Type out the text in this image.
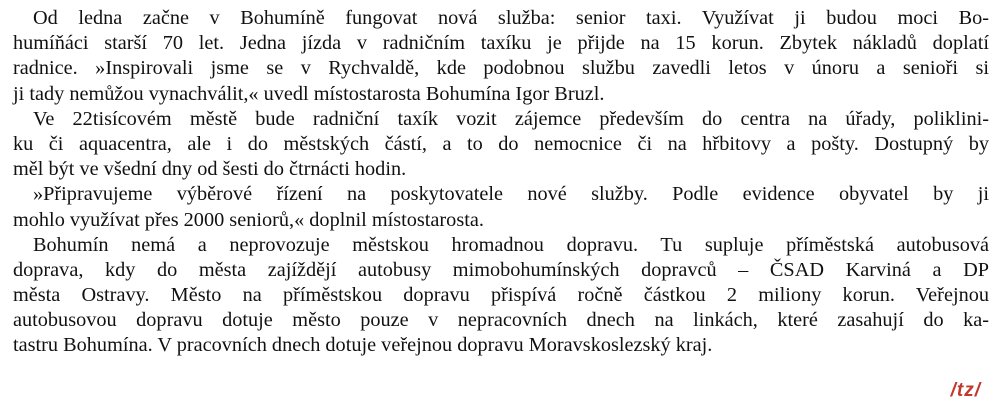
Od ledna začne v Bohumíně fungovat nová služba: senior taxi. Využívat ji budou moci Bo-
humíňáci starší 70 let. Jedna jízda v radničním taxíku je přijde na 15 korun. Zbytek nákladů doplatí
radnice. »Inspirovali jsme se v Rychvaldě, kde podobnou službu zavedli letos v únoru a senioři si
ji tady nemůžou vynachválit,« uvedl místostarosta Bohumína Igor Bruzl.
Ve 22tisícovém městě bude radniční taxík vozit zájemce především do centra na úřady, poliklini-
ku či aquacentra, ale i do městských částí, a to do nemocnice či na hřbitovy a pošty. Dostupný by
měl být ve všední dny od šesti do čtrnácti hodin.
»Připravujeme výběrové řízení na poskytovatele nové služby. Podle evidence obyvatel by ji
mohlo využívat přes 2000 seniorů,« doplnil místostarosta.
Bohumín nemá a neprovozuje městskou hromadnou dopravu. Tu supluje příměstská autobusová
doprava, kdy do města zajíždějí autobusy mimobohumínských dopravců – ČSAD Karviná a DP
města Ostravy. Město na příměstskou dopravu přispívá ročně částkou 2 miliony korun. Veřejnou
autobusovou dopravu dotuje město pouze v nepracovních dnech na linkách, které zasahují do ka-
tastru Bohumína. V pracovních dnech dotuje veřejnou dopravu Moravskoslezský kraj.
/tz/
